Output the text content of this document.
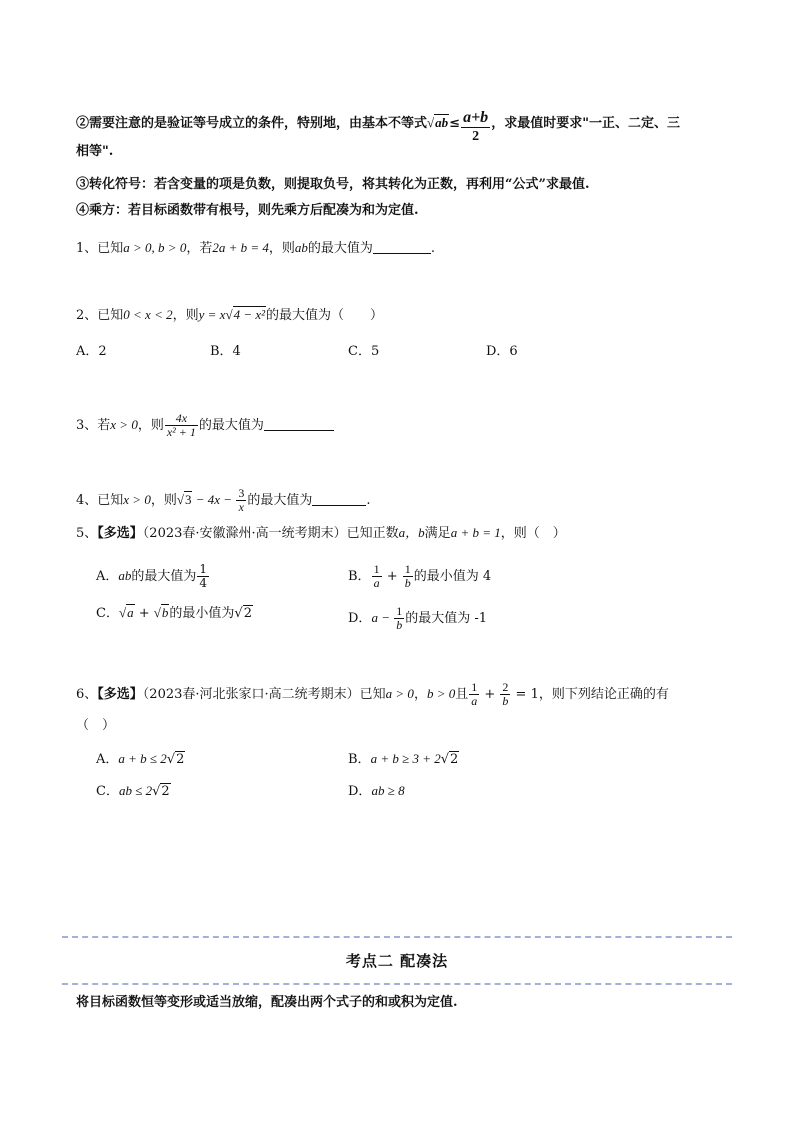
②需要注意的是验证等号成立的条件，特别地，由基本不等式$√ab\le \frac{a+b}{2}$ ，求最值时要求"一正、二定、三
相等".
③转化符号：若含变量的项是负数，则提取负号，将其转化为正数，再利用“公式”求最值.
④乘方：若目标函数带有根号，则先乘方后配凑为和为定值.
1、已知a > 0, b > 0，若2a + b = 4，则ab的最大值为	.
2、已知0 < x < 2，则y = x√4 − x²的最大值为（　　）
A．2	B．4	C．5	D．6
3、若x > 0，则 $\frac{4x}{\text{x² + 1}}$ 的最大值为
4、已知x > 0，则$√3 - 4x - \frac{3}{x}$ 的最大值为	.
5、【多选】（2023春·安徽滁州·高一统考期末）已知正数a，b满足a + b = 1，则（　）
A．ab的最大值为 $\frac{1}{4}$	B． $\frac{1}{a} + \frac{1}{b}$ 的最小值为 4
C．√a + √b的最小值为√2	D．$a - \frac{1}{b}$ 的最大值为 -1
6、【多选】（2023春·河北张家口·高二统考期末）已知a > 0，b > 0且 $\frac{1}{a} + \frac{2}{b} = 1$，则下列结论正确的有
（　）
A．a + b ≤ 2√2	B．a + b ≥ 3 + 2√2
C．ab ≤ 2√2	D．ab ≥ 8
考点二 配凑法
将目标函数恒等变形或适当放缩，配凑出两个式子的和或积为定值.
